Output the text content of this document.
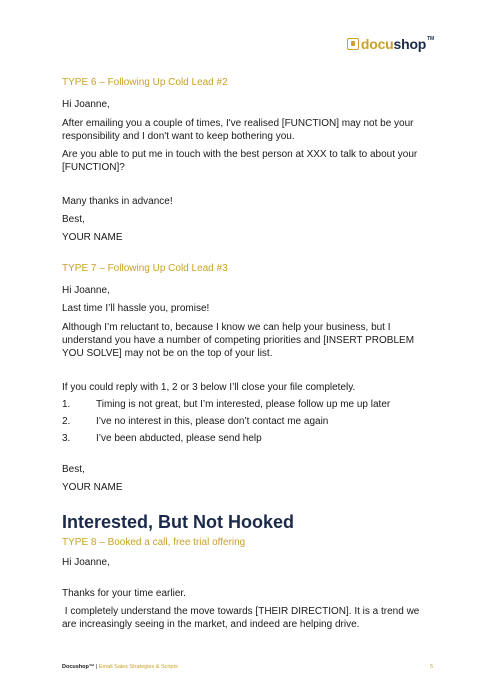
docushop™

TYPE 6 – Following Up Cold Lead #2

Hi Joanne,

After emailing you a couple of times, I've realised [FUNCTION] may not be your responsibility and I don't want to keep bothering you.

Are you able to put me in touch with the best person at XXX to talk to about your [FUNCTION]?

Many thanks in advance!

Best,

YOUR NAME

TYPE 7 – Following Up Cold Lead #3

Hi Joanne,

Last time I’ll hassle you, promise!

Although I’m reluctant to, because I know we can help your business, but I understand you have a number of competing priorities and [INSERT PROBLEM YOU SOLVE] may not be on the top of your list.

If you could reply with 1, 2 or 3 below I’ll close your file completely.

1.	Timing is not great, but I’m interested, please follow up me up later
2.	I’ve no interest in this, please don’t contact me again
3.	I’ve been abducted, please send help

Best,

YOUR NAME

Interested, But Not Hooked

TYPE 8 – Booked a call, free trial offering

Hi Joanne,

Thanks for your time earlier.

I completely understand the move towards [THEIR DIRECTION]. It is a trend we are increasingly seeing in the market, and indeed are helping drive.

Docushop™ | Email Sales Strategies & Scripts	5
